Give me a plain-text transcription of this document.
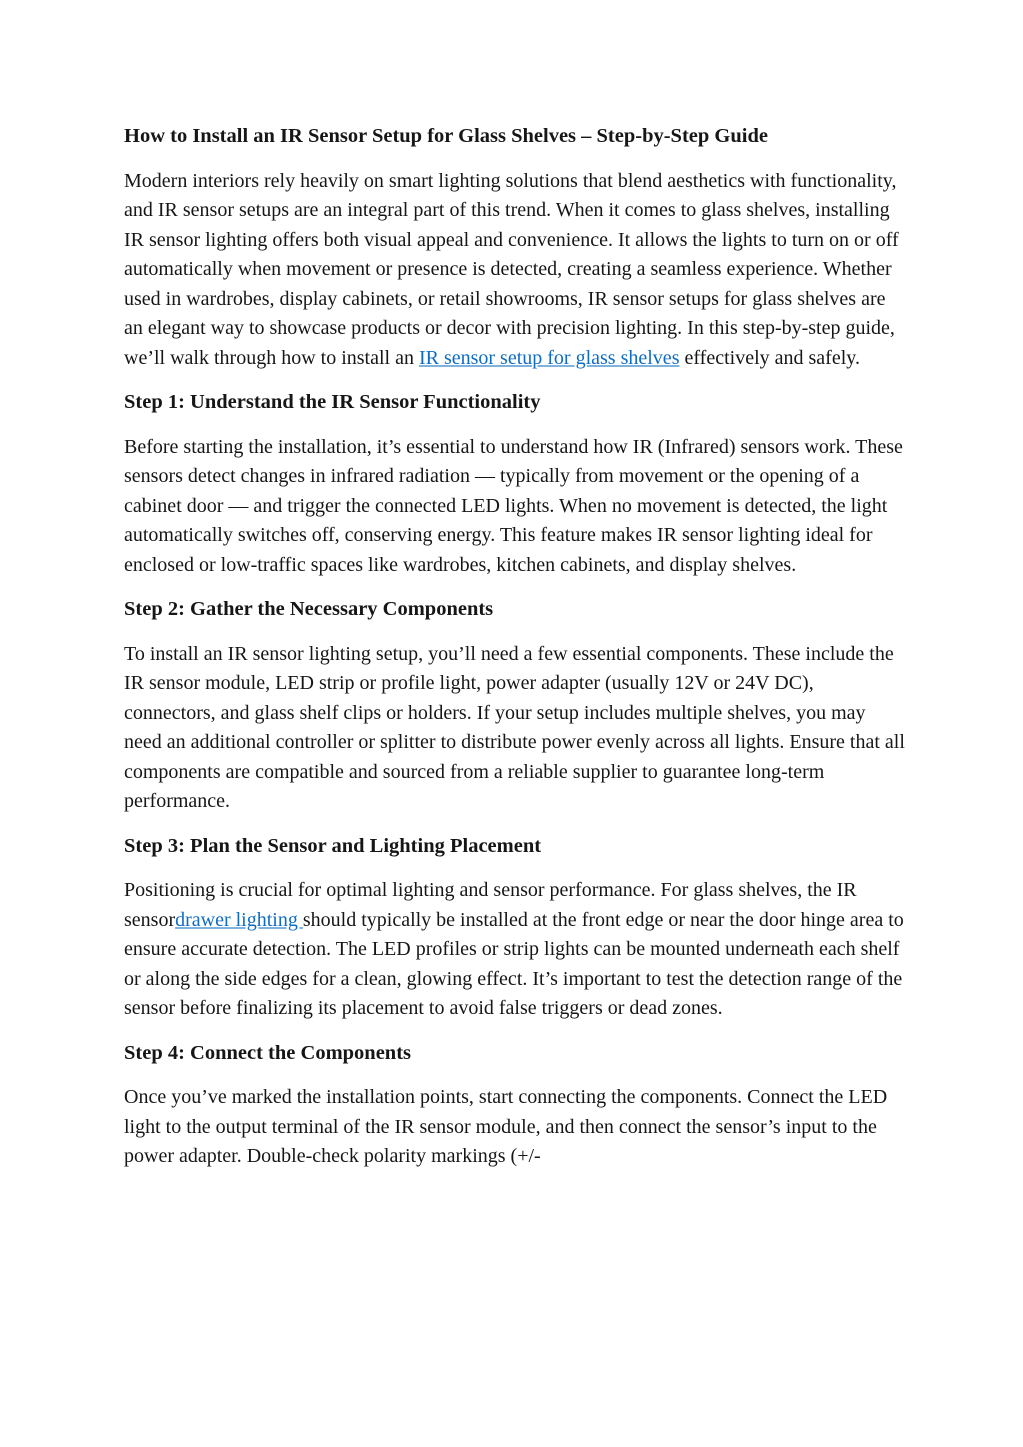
How to Install an IR Sensor Setup for Glass Shelves – Step-by-Step Guide

Modern interiors rely heavily on smart lighting solutions that blend aesthetics with functionality, and IR sensor setups are an integral part of this trend. When it comes to glass shelves, installing IR sensor lighting offers both visual appeal and convenience. It allows the lights to turn on or off automatically when movement or presence is detected, creating a seamless experience. Whether used in wardrobes, display cabinets, or retail showrooms, IR sensor setups for glass shelves are an elegant way to showcase products or decor with precision lighting. In this step-by-step guide, we’ll walk through how to install an IR sensor setup for glass shelves effectively and safely.

Step 1: Understand the IR Sensor Functionality

Before starting the installation, it’s essential to understand how IR (Infrared) sensors work. These sensors detect changes in infrared radiation — typically from movement or the opening of a cabinet door — and trigger the connected LED lights. When no movement is detected, the light automatically switches off, conserving energy. This feature makes IR sensor lighting ideal for enclosed or low-traffic spaces like wardrobes, kitchen cabinets, and display shelves.

Step 2: Gather the Necessary Components

To install an IR sensor lighting setup, you’ll need a few essential components. These include the IR sensor module, LED strip or profile light, power adapter (usually 12V or 24V DC), connectors, and glass shelf clips or holders. If your setup includes multiple shelves, you may need an additional controller or splitter to distribute power evenly across all lights. Ensure that all components are compatible and sourced from a reliable supplier to guarantee long-term performance.

Step 3: Plan the Sensor and Lighting Placement

Positioning is crucial for optimal lighting and sensor performance. For glass shelves, the IR sensordrawer lighting should typically be installed at the front edge or near the door hinge area to ensure accurate detection. The LED profiles or strip lights can be mounted underneath each shelf or along the side edges for a clean, glowing effect. It’s important to test the detection range of the sensor before finalizing its placement to avoid false triggers or dead zones.

Step 4: Connect the Components

Once you’ve marked the installation points, start connecting the components. Connect the LED light to the output terminal of the IR sensor module, and then connect the sensor’s input to the power adapter. Double-check polarity markings (+/-
